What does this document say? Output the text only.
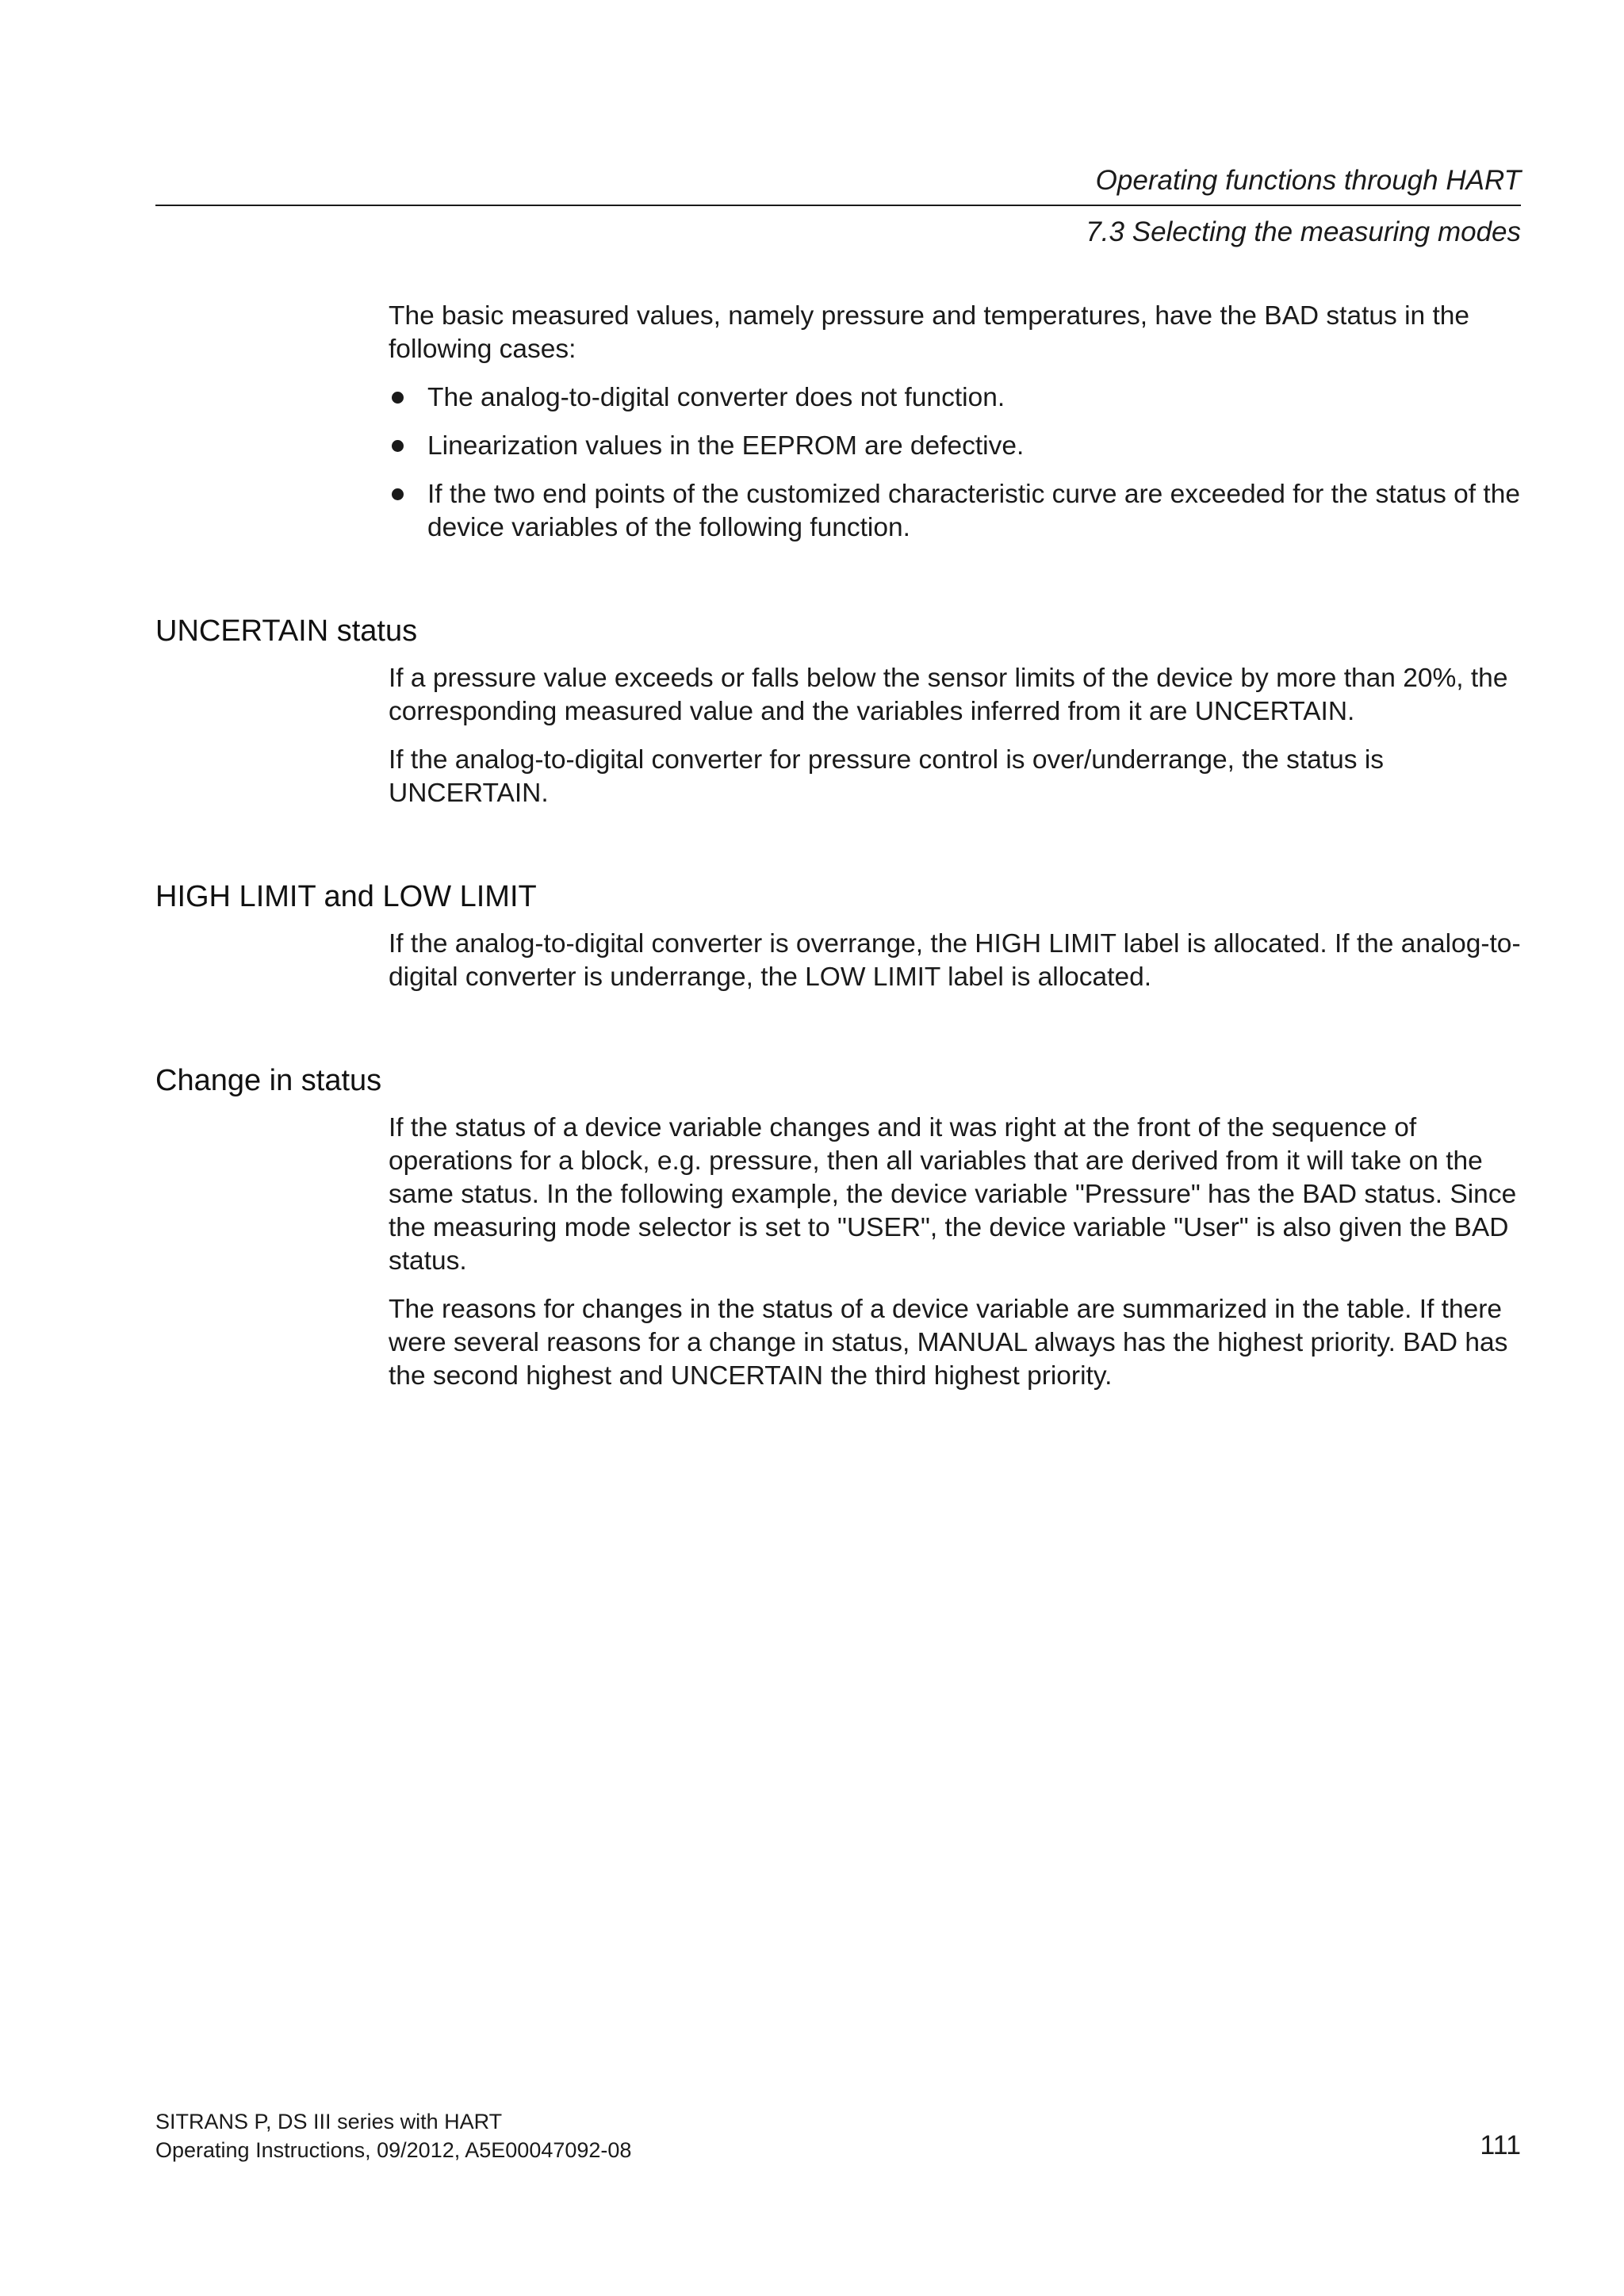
Operating functions through HART
7.3 Selecting the measuring modes

The basic measured values, namely pressure and temperatures, have the BAD status in the following cases:

The analog-to-digital converter does not function.
Linearization values in the EEPROM are defective.
If the two end points of the customized characteristic curve are exceeded for the status of the device variables of the following function.
UNCERTAIN status

If a pressure value exceeds or falls below the sensor limits of the device by more than 20%, the corresponding measured value and the variables inferred from it are UNCERTAIN.

If the analog-to-digital converter for pressure control is over/underrange, the status is UNCERTAIN.

HIGH LIMIT and LOW LIMIT

If the analog-to-digital converter is overrange, the HIGH LIMIT label is allocated. If the analog-to-digital converter is underrange, the LOW LIMIT label is allocated.

Change in status

If the status of a device variable changes and it was right at the front of the sequence of operations for a block, e.g. pressure, then all variables that are derived from it will take on the same status. In the following example, the device variable "Pressure" has the BAD status. Since the measuring mode selector is set to "USER", the device variable "User" is also given the BAD status.

The reasons for changes in the status of a device variable are summarized in the table. If there were several reasons for a change in status, MANUAL always has the highest priority. BAD has the second highest and UNCERTAIN the third highest priority.

SITRANS P, DS III series with HART
Operating Instructions, 09/2012, A5E00047092-08	111
